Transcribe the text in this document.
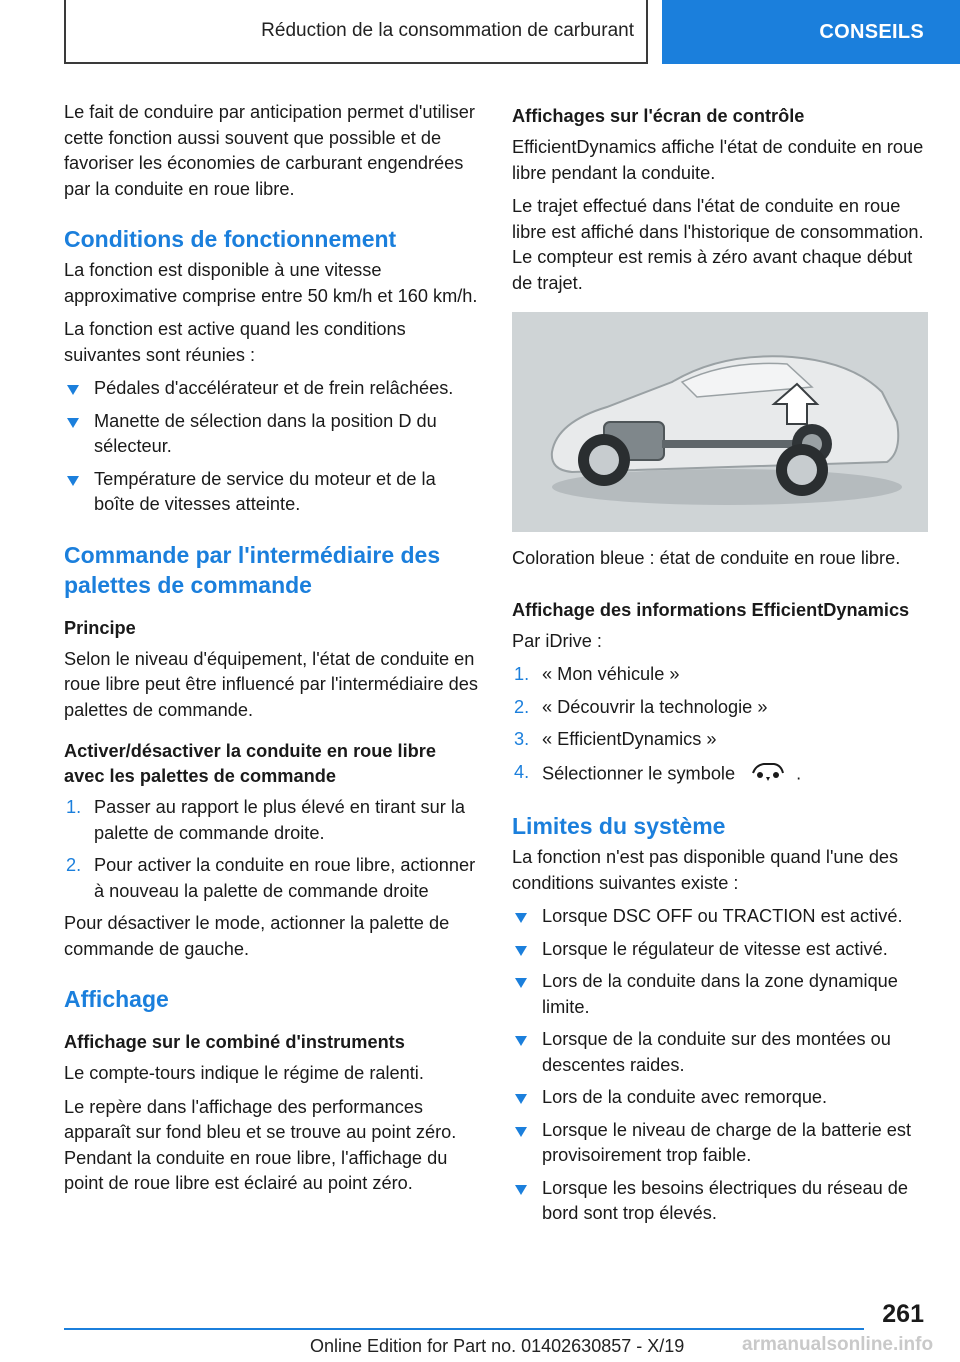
Réduction de la consommation de carburant	CONSEILS

Le fait de conduire par anticipation permet d'utiliser cette fonction aussi souvent que possible et de favoriser les économies de carburant engendrées par la conduite en roue libre.

Conditions de fonctionnement

La fonction est disponible à une vitesse approximative comprise entre 50 km/h et 160 km/h.

La fonction est active quand les conditions suivantes sont réunies :

Pédales d'accélérateur et de frein relâchées.
Manette de sélection dans la position D du sélecteur.
Température de service du moteur et de la boîte de vitesses atteinte.
Commande par l'intermédiaire des palettes de commande
Principe

Selon le niveau d'équipement, l'état de conduite en roue libre peut être influencé par l'intermédiaire des palettes de commande.

Activer/désactiver la conduite en roue libre avec les palettes de commande
1. Passer au rapport le plus élevé en tirant sur la palette de commande droite.
2. Pour activer la conduite en roue libre, actionner à nouveau la palette de commande droite

Pour désactiver le mode, actionner la palette de commande de gauche.

Affichage
Affichage sur le combiné d'instruments

Le compte-tours indique le régime de ralenti.

Le repère dans l'affichage des performances apparaît sur fond bleu et se trouve au point zéro. Pendant la conduite en roue libre, l'affichage du point de roue libre est éclairé au point zéro.

Affichages sur l'écran de contrôle

EfficientDynamics affiche l'état de conduite en roue libre pendant la conduite.

Le trajet effectué dans l'état de conduite en roue libre est affiché dans l'historique de consommation. Le compteur est remis à zéro avant chaque début de trajet.

Coloration bleue : état de conduite en roue libre.

Affichage des informations EfficientDynamics

Par iDrive :

1. « Mon véhicule »
2. « Découvrir la technologie »
3. « EfficientDynamics »
4. Sélectionner le symbole	.
Limites du système

La fonction n'est pas disponible quand l'une des conditions suivantes existe :

Lorsque DSC OFF ou TRACTION est activé.
Lorsque le régulateur de vitesse est activé.
Lors de la conduite dans la zone dynamique limite.
Lorsque de la conduite sur des montées ou descentes raides.
Lors de la conduite avec remorque.
Lorsque le niveau de charge de la batterie est provisoirement trop faible.
Lorsque les besoins électriques du réseau de bord sont trop élevés.
261
Online Edition for Part no. 01402630857 - X/19	armanualsonline.info
